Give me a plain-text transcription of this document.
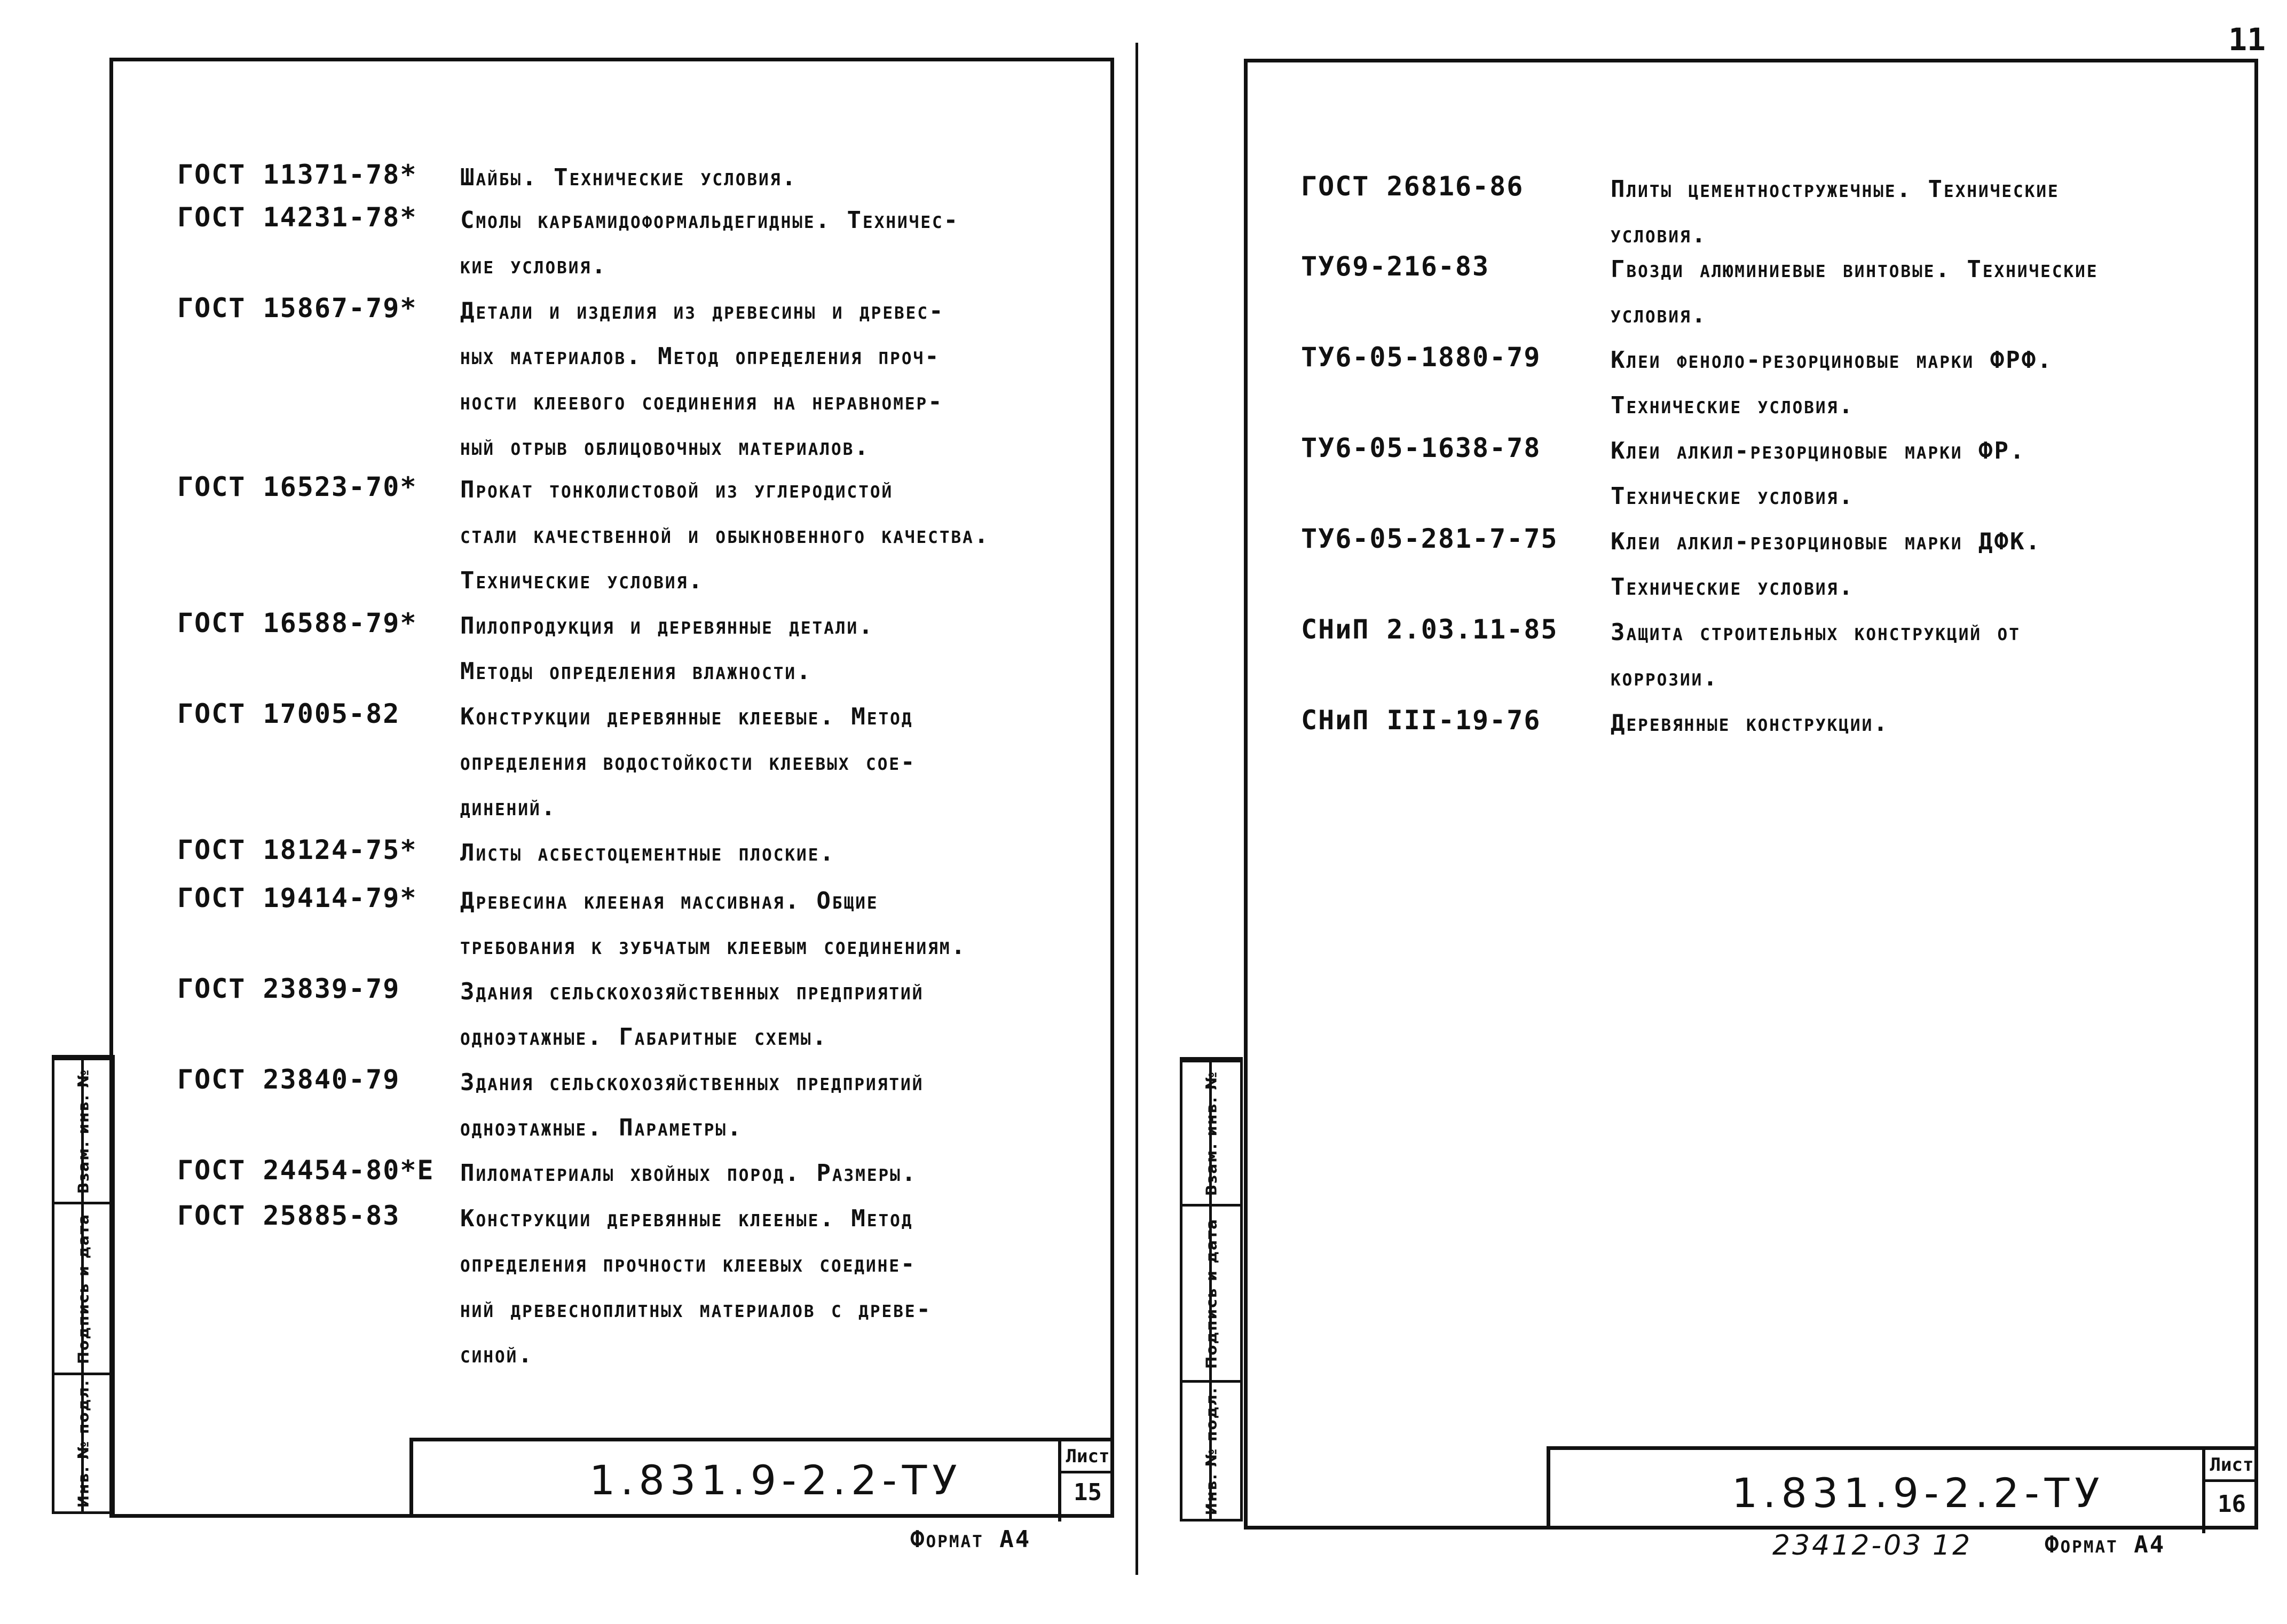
11
ГОСТ 11371-78* Шайбы. Технические условия.
ГОСТ 14231-78* Смолы карбамидоформальдегидные. Техничес-
кие условия.
ГОСТ 15867-79* Детали и изделия из древесины и древес-
ных материалов. Метод определения проч-
ности клеевого соединения на неравномер-
ный отрыв облицовочных материалов.
ГОСТ 16523-70* Прокат тонколистовой из углеродистой
стали качественной и обыкновенного качества.
Технические условия.
ГОСТ 16588-79* Пилопродукция и деревянные детали.
Методы определения влажности.
ГОСТ 17005-82	Конструкции деревянные клеевые. Метод
определения водостойкости клеевых сое-
динений.
ГОСТ 18124-75* Листы асбестоцементные плоские.
ГОСТ 19414-79* Древесина клееная массивная. Общие
требования к зубчатым клеевым соединениям.
ГОСТ 23839-79	Здания сельскохозяйственных предприятий
одноэтажные. Габаритные схемы.
ГОСТ 23840-79	Здания сельскохозяйственных предприятий
одноэтажные. Параметры.
ГОСТ 24454-80*Е Пиломатериалы хвойных пород. Размеры.
ГОСТ 25885-83	Конструкции деревянные клееные. Метод
определения прочности клеевых соедине-
ний древесноплитных материалов с древе-
синой.
1.831.9-2.2-ТУ	Лист
15
Взам. инв. №
Подпись и дата
Инв. № подл.
Формат А4
ГОСТ 26816-86	Плиты цементностружечные. Технические
условия.
ТУ69-216-83	Гвозди алюминиевые винтовые. Технические
условия.
ТУ6-05-1880-79	Клеи феноло-резорциновые марки ФРФ.
Технические условия.
ТУ6-05-1638-78	Клеи алкил-резорциновые марки ФР.
Технические условия.
ТУ6-05-281-7-75 Клеи алкил-резорциновые марки ДФК.
Технические условия.
СНиП 2.03.11-85 Защита строительных конструкций от
коррозии.
СНиП III-19-76	Деревянные конструкции.
1.831.9-2.2-ТУ
Лист
16
Взам. инв. №
Подпись и дата
Инв. № подл.
23412-03 12	Формат А4
